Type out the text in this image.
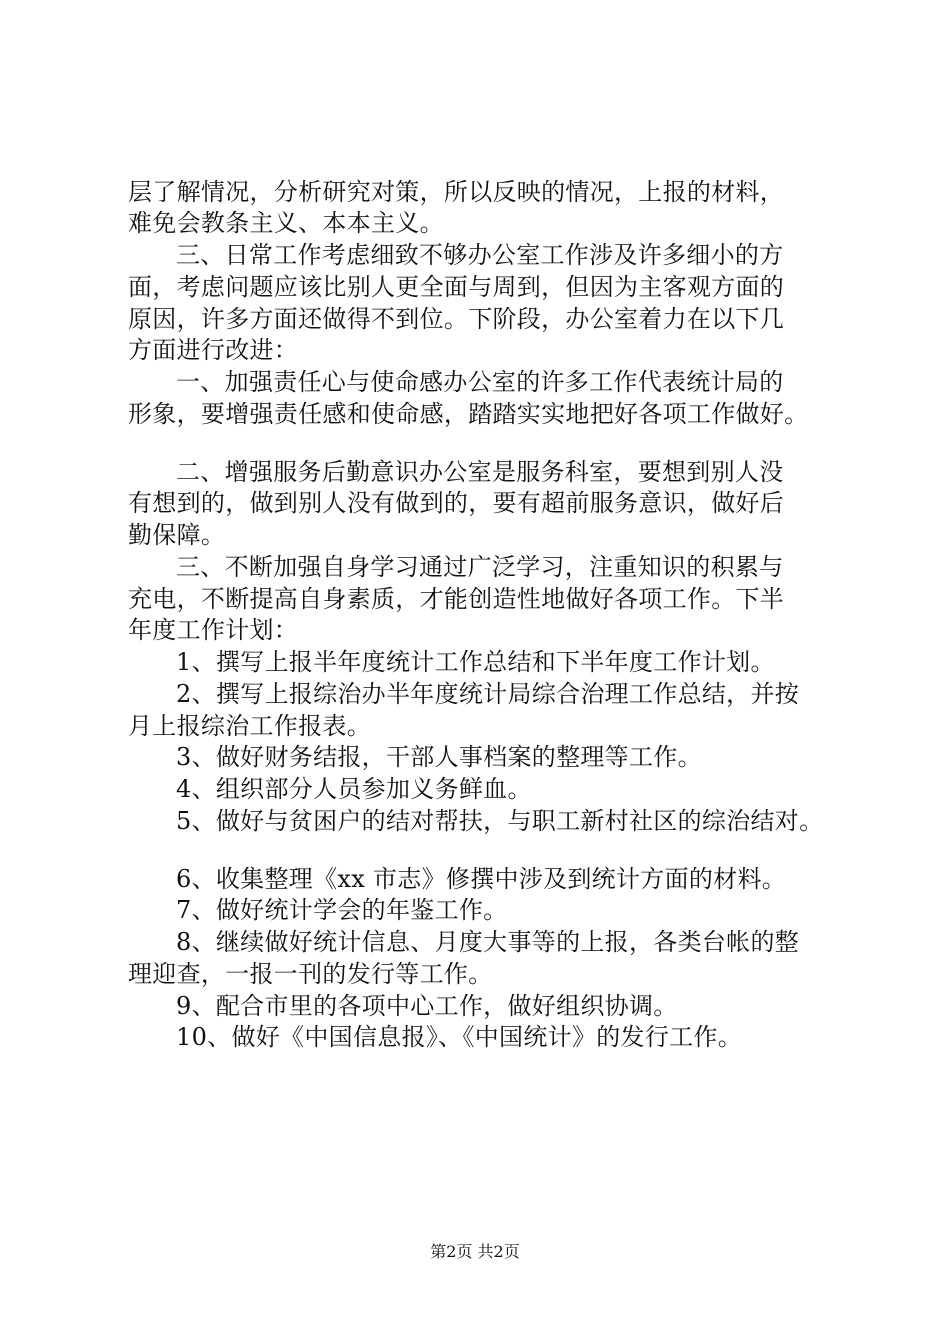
层了解情况，分析研究对策，所以反映的情况，上报的材料，
难免会教条主义、本本主义。
三、日常工作考虑细致不够办公室工作涉及许多细小的方
面，考虑问题应该比别人更全面与周到，但因为主客观方面的
原因，许多方面还做得不到位。下阶段，办公室着力在以下几
方面进行改进：
一、加强责任心与使命感办公室的许多工作代表统计局的
形象，要增强责任感和使命感，踏踏实实地把好各项工作做好。
二、增强服务后勤意识办公室是服务科室，要想到别人没
有想到的，做到别人没有做到的，要有超前服务意识，做好后
勤保障。
三、不断加强自身学习通过广泛学习，注重知识的积累与
充电，不断提高自身素质，才能创造性地做好各项工作。下半
年度工作计划：
1、撰写上报半年度统计工作总结和下半年度工作计划。
2、撰写上报综治办半年度统计局综合治理工作总结，并按
月上报综治工作报表。
3、做好财务结报，干部人事档案的整理等工作。
4、组织部分人员参加义务鲜血。
5、做好与贫困户的结对帮扶，与职工新村社区的综治结对。
6、收集整理《xx 市志》修撰中涉及到统计方面的材料。
7、做好统计学会的年鉴工作。
8、继续做好统计信息、月度大事等的上报，各类台帐的整
理迎查，一报一刊的发行等工作。
9、配合市里的各项中心工作，做好组织协调。
10、做好《中国信息报》、《中国统计》的发行工作。
第2页 共2页
